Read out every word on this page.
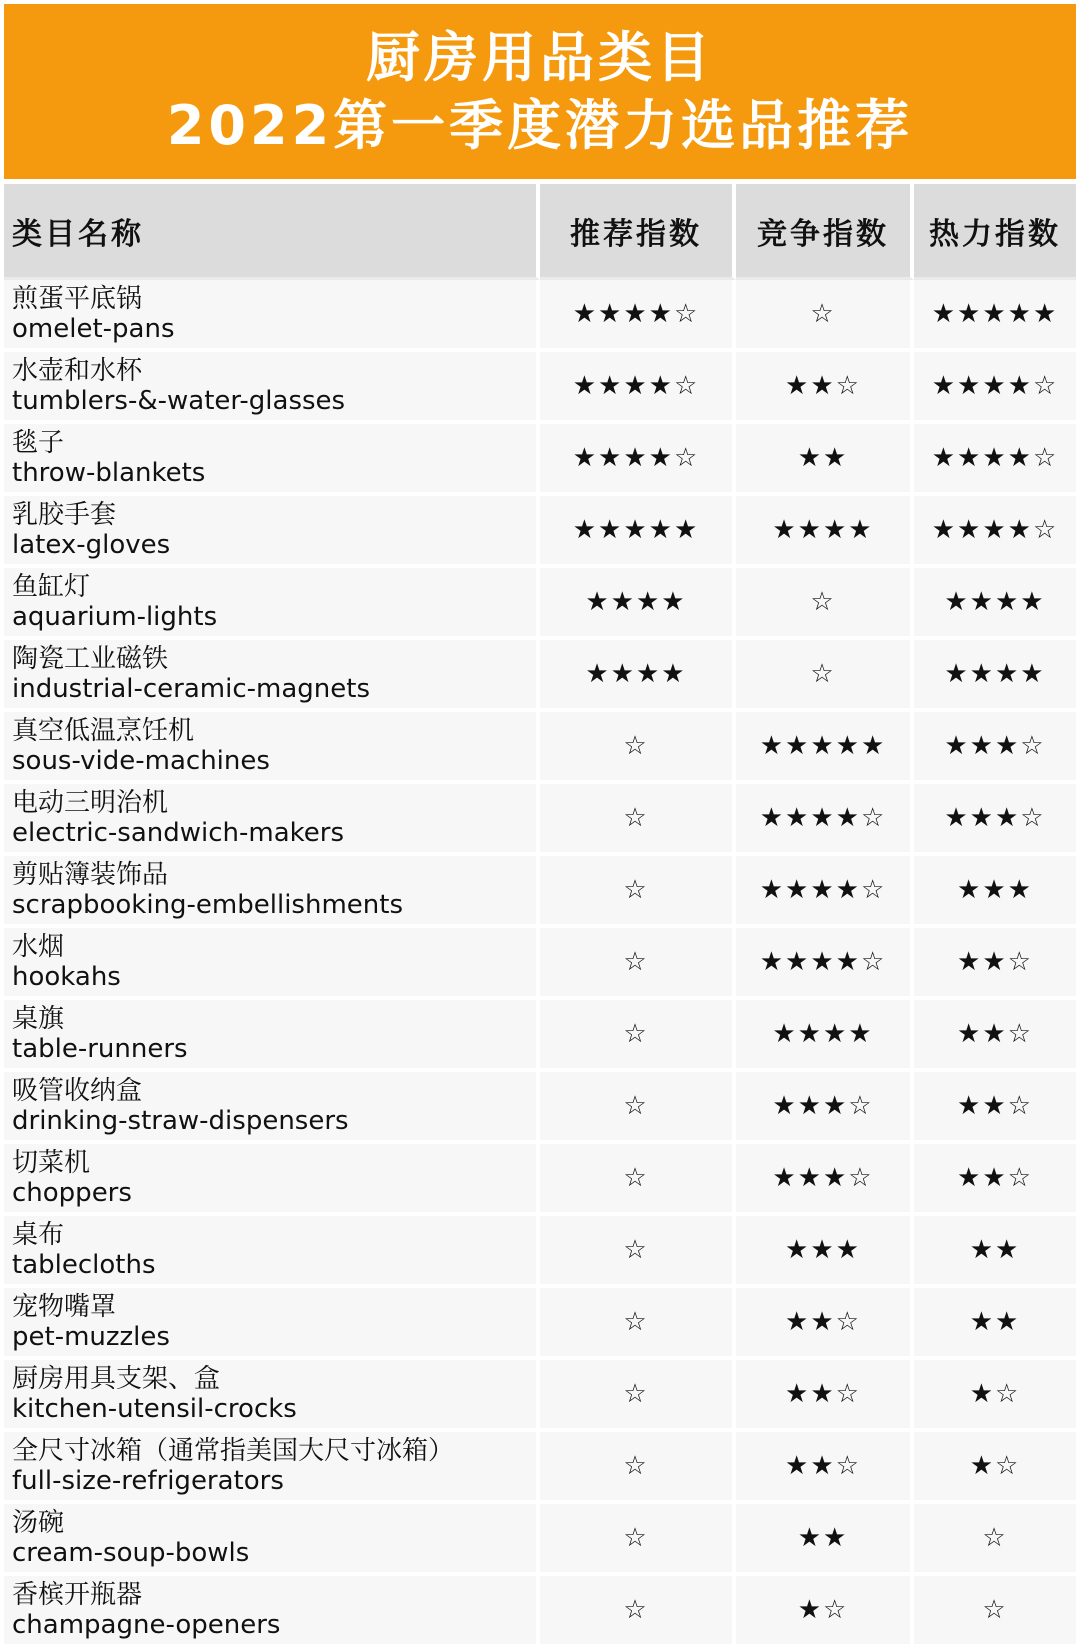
厨房用品类目
2022第一季度潜力选品推荐
类目名称	推荐指数	竞争指数	热力指数
煎蛋平底锅
omelet-pans	★★★★☆	☆	★★★★★
水壶和水杯
tumblers-&-water-glasses	★★★★☆	★★☆	★★★★☆
毯子
throw-blankets	★★★★☆	★★	★★★★☆
乳胶手套
latex-gloves	★★★★★	★★★★	★★★★☆
鱼缸灯
aquarium-lights	★★★★	☆	★★★★
陶瓷工业磁铁
industrial-ceramic-magnets	★★★★	☆	★★★★
真空低温烹饪机
sous-vide-machines	☆	★★★★★	★★★☆
电动三明治机
electric-sandwich-makers	☆	★★★★☆	★★★☆
剪贴簿装饰品
scrapbooking-embellishments	☆	★★★★☆	★★★
水烟
hookahs	☆	★★★★☆	★★☆
桌旗
table-runners	☆	★★★★	★★☆
吸管收纳盒
drinking-straw-dispensers	☆	★★★☆	★★☆
切菜机
choppers	☆	★★★☆	★★☆
桌布
tablecloths	☆	★★★	★★
宠物嘴罩
pet-muzzles	☆	★★☆	★★
厨房用具支架、盒
kitchen-utensil-crocks	☆	★★☆	★☆
全尺寸冰箱（通常指美国大尺寸冰箱）
full-size-refrigerators	☆	★★☆	★☆
汤碗
cream-soup-bowls	☆	★★	☆
香槟开瓶器
champagne-openers	☆	★☆	☆
